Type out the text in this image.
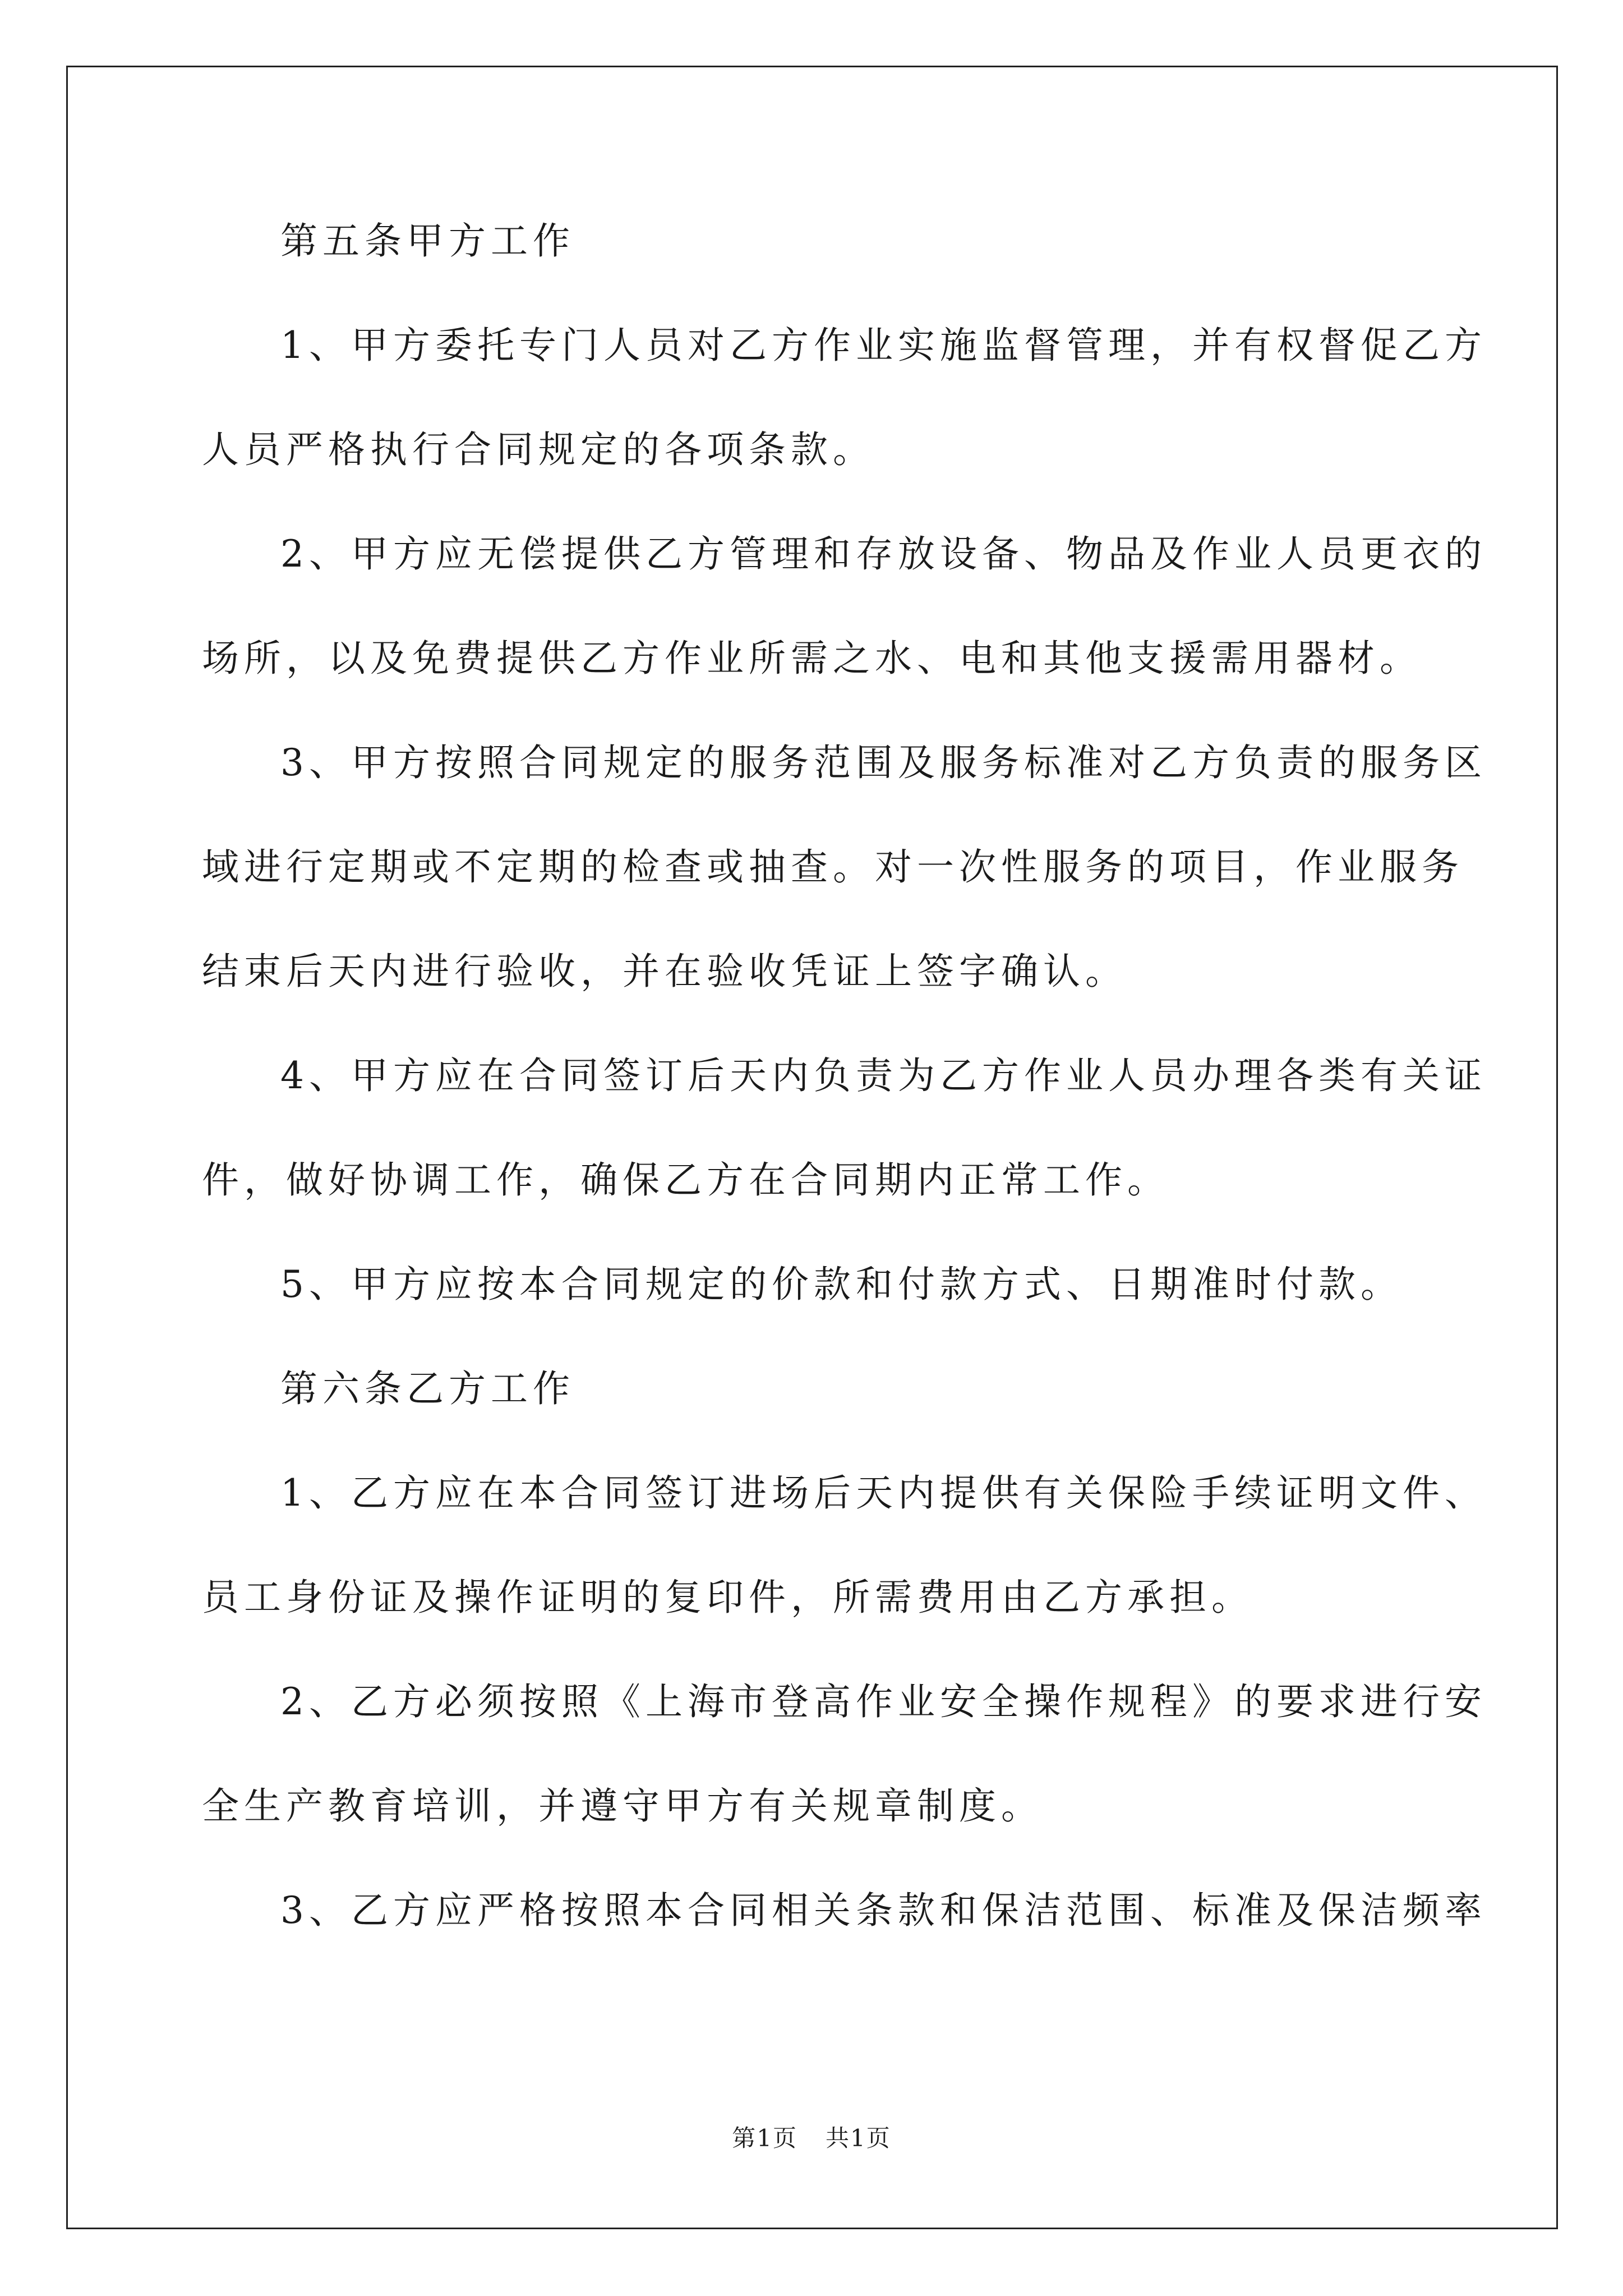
第五条甲方工作
1、甲方委托专门人员对乙方作业实施监督管理，并有权督促乙方
人员严格执行合同规定的各项条款。
2、甲方应无偿提供乙方管理和存放设备、物品及作业人员更衣的
场所，以及免费提供乙方作业所需之水、电和其他支援需用器材。
3、甲方按照合同规定的服务范围及服务标准对乙方负责的服务区
域进行定期或不定期的检查或抽查。对一次性服务的项目，作业服务
结束后天内进行验收，并在验收凭证上签字确认。
4、甲方应在合同签订后天内负责为乙方作业人员办理各类有关证
件，做好协调工作，确保乙方在合同期内正常工作。
5、甲方应按本合同规定的价款和付款方式、日期准时付款。
第六条乙方工作
1、乙方应在本合同签订进场后天内提供有关保险手续证明文件、
员工身份证及操作证明的复印件，所需费用由乙方承担。
2、乙方必须按照《上海市登高作业安全操作规程》的要求进行安
全生产教育培训，并遵守甲方有关规章制度。
3、乙方应严格按照本合同相关条款和保洁范围、标准及保洁频率
第1页 共1页
